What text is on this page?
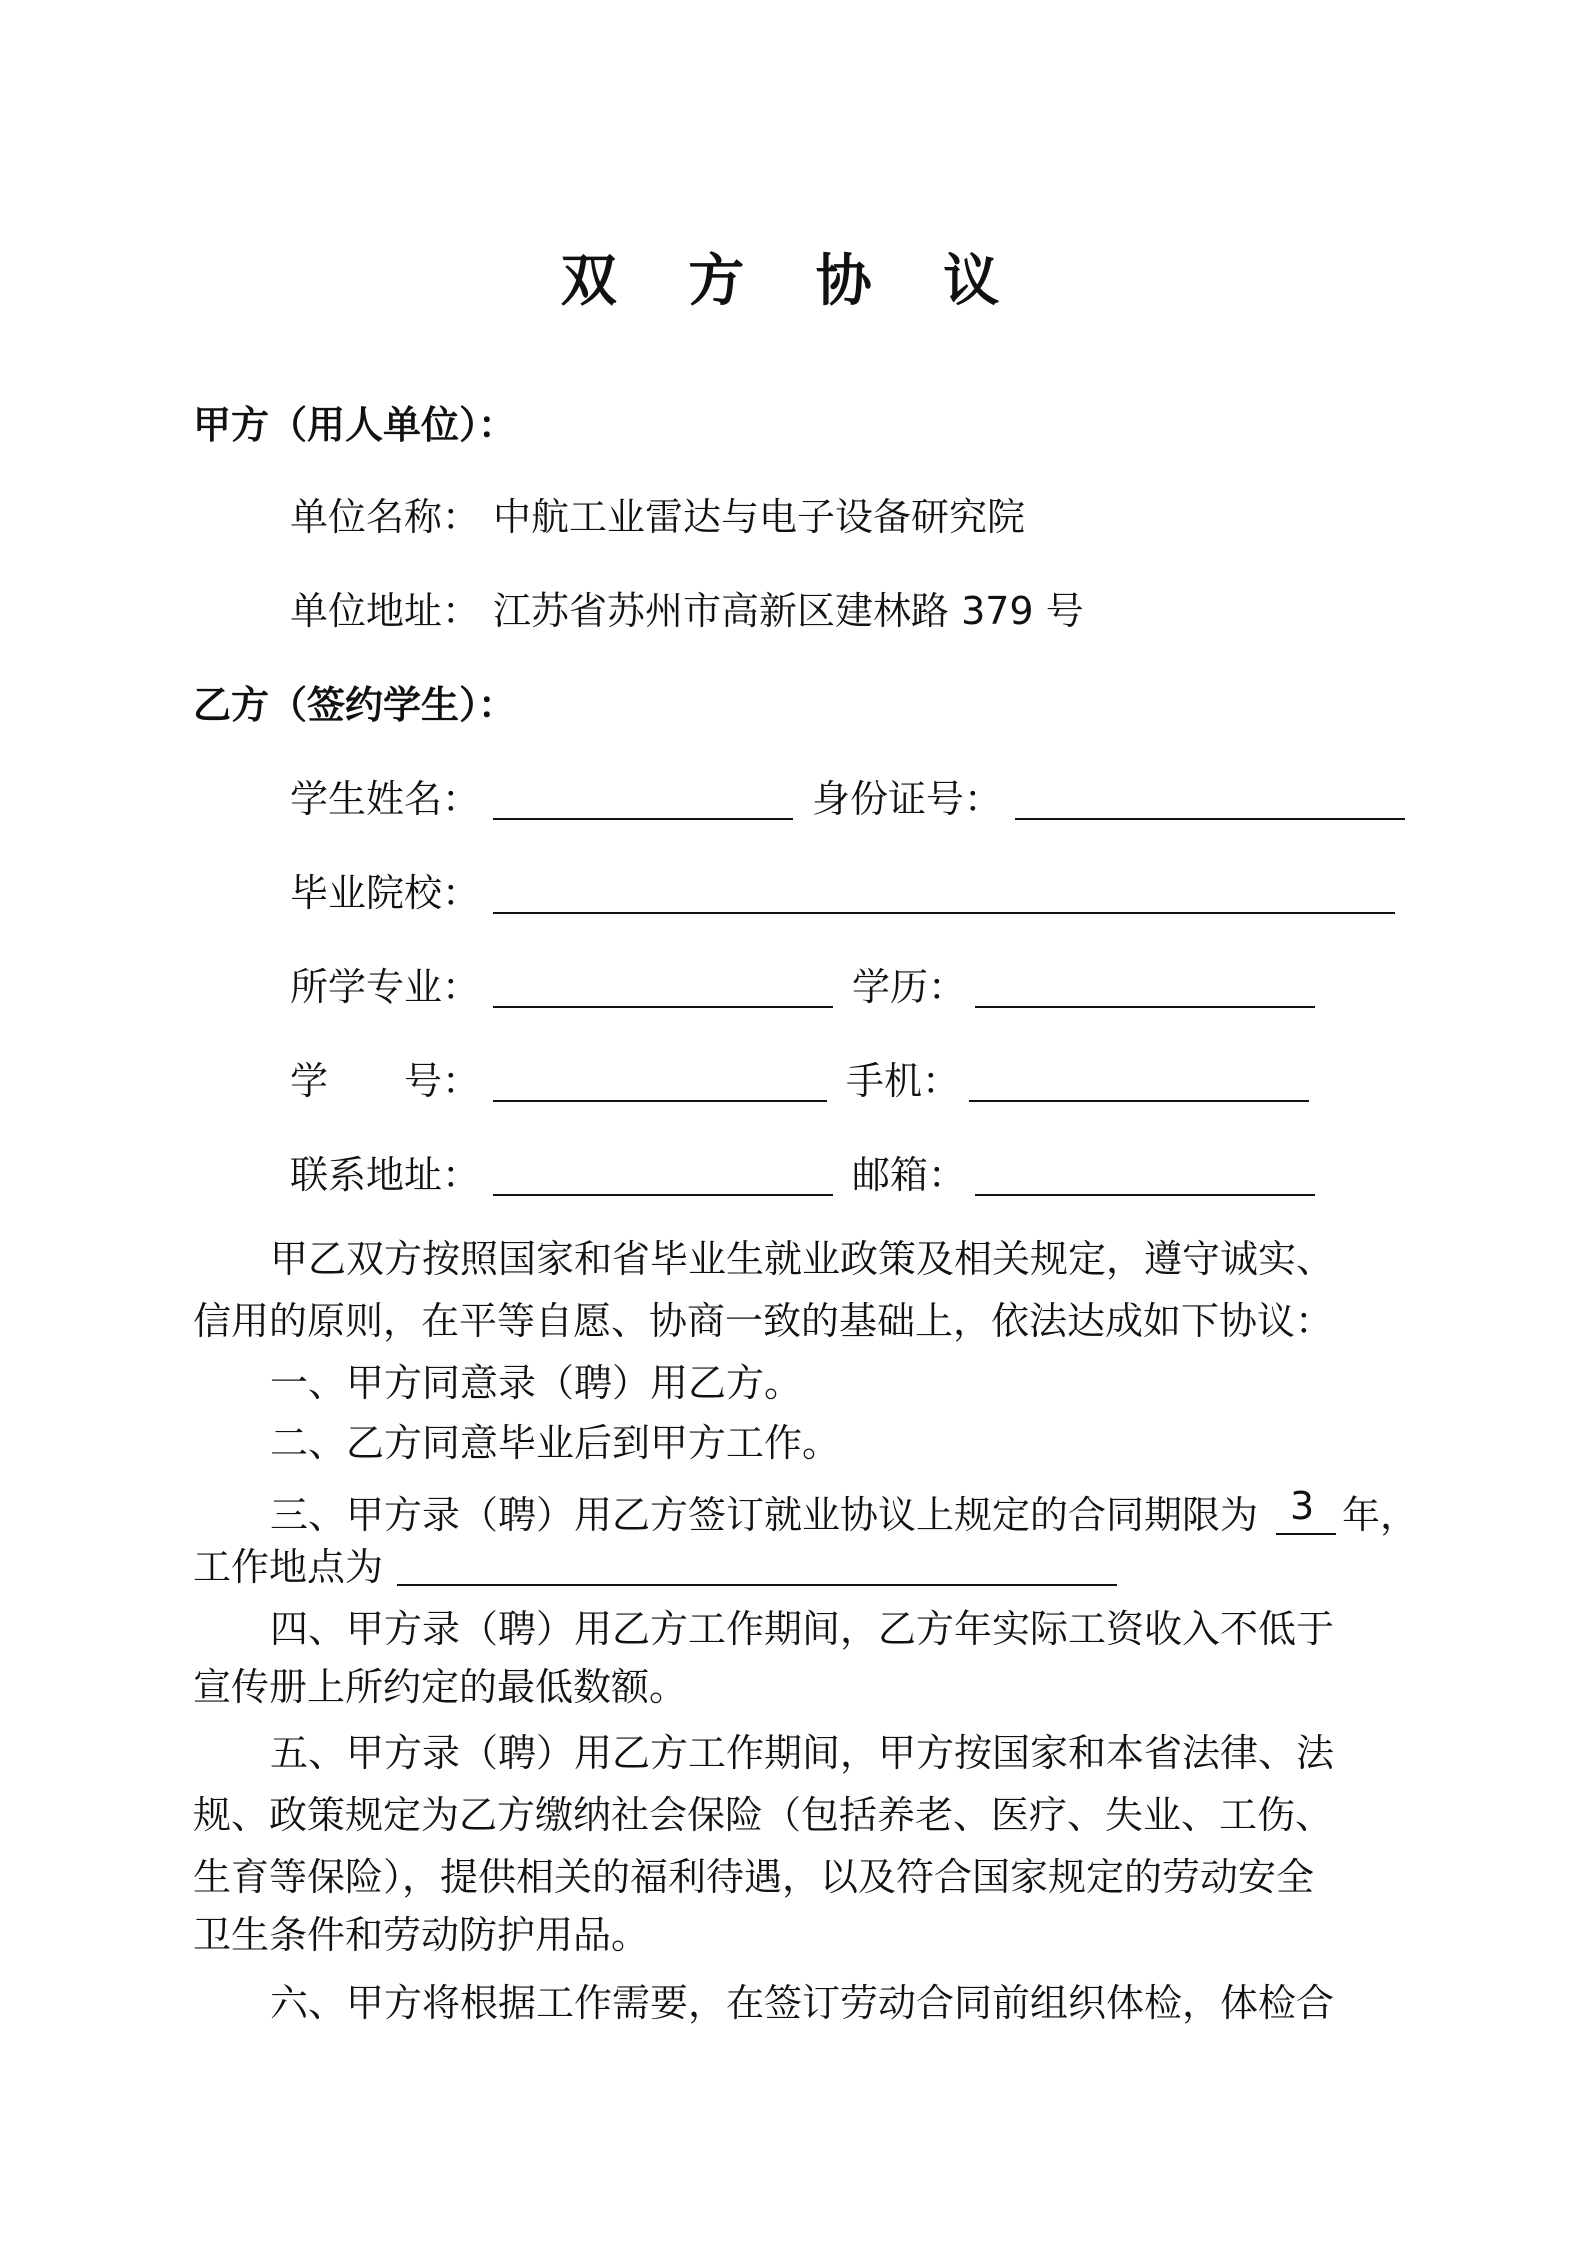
双 方 协 议
甲方（用人单位）：
单位名称： 中航工业雷达与电子设备研究院
单位地址： 江苏省苏州市高新区建林路 379 号
乙方（签约学生）：
学生姓名：	身份证号：
毕业院校：
所学专业：	学历：
学　　号：	手机：
联系地址：	邮箱：
甲乙双方按照国家和省毕业生就业政策及相关规定，遵守诚实、
信用的原则，在平等自愿、协商一致的基础上，依法达成如下协议：
一、甲方同意录（聘）用乙方。
二、乙方同意毕业后到甲方工作。
三、甲方录（聘）用乙方签订就业协议上规定的合同期限为 3 年，
工作地点为
四、甲方录（聘）用乙方工作期间，乙方年实际工资收入不低于
宣传册上所约定的最低数额。
五、甲方录（聘）用乙方工作期间，甲方按国家和本省法律、法
规、政策规定为乙方缴纳社会保险（包括养老、医疗、失业、工伤、
生育等保险），提供相关的福利待遇，以及符合国家规定的劳动安全
卫生条件和劳动防护用品。
六、甲方将根据工作需要，在签订劳动合同前组织体检，体检合
